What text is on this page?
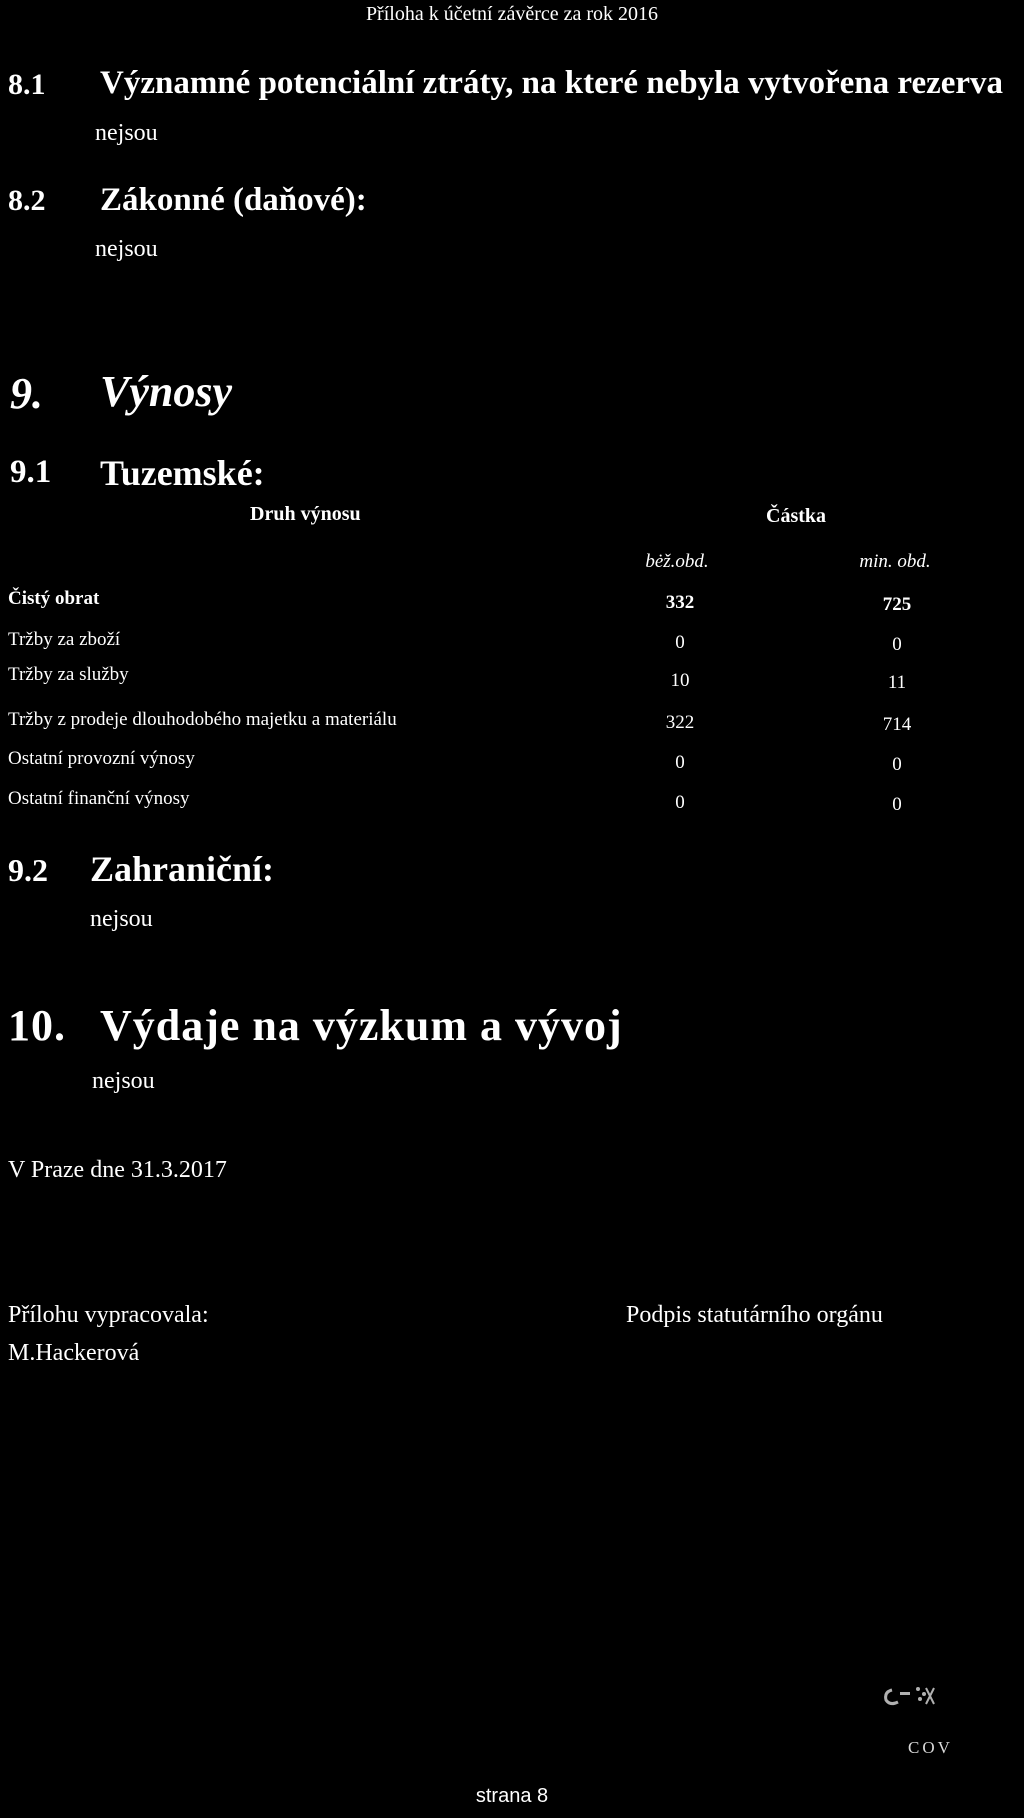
Příloha k účetní závěrce za rok 2016
8.1 Významné potenciální ztráty, na které nebyla vytvořena rezerva
nejsou
8.2 Zákonné (daňové):
nejsou
9. Výnosy
9.1 Tuzemské:
Druh výnosu	Částka
bėž.obd.	min. obd.
Čistý obrat	332	725
Tržby za zboží	0	0
Tržby za služby	10	11
Tržby z prodeje dlouhodobého majetku a materiálu	322	714
Ostatní provozní výnosy	0	0
Ostatní finanční výnosy	0	0
9.2 Zahraniční:
nejsou
10. Výdaje na výzkum a vývoj
nejsou
V Praze dne 31.3.2017
Přílohu vypracovala:
M.Hackerová
Podpis statutárního orgánu
COV
strana 8
